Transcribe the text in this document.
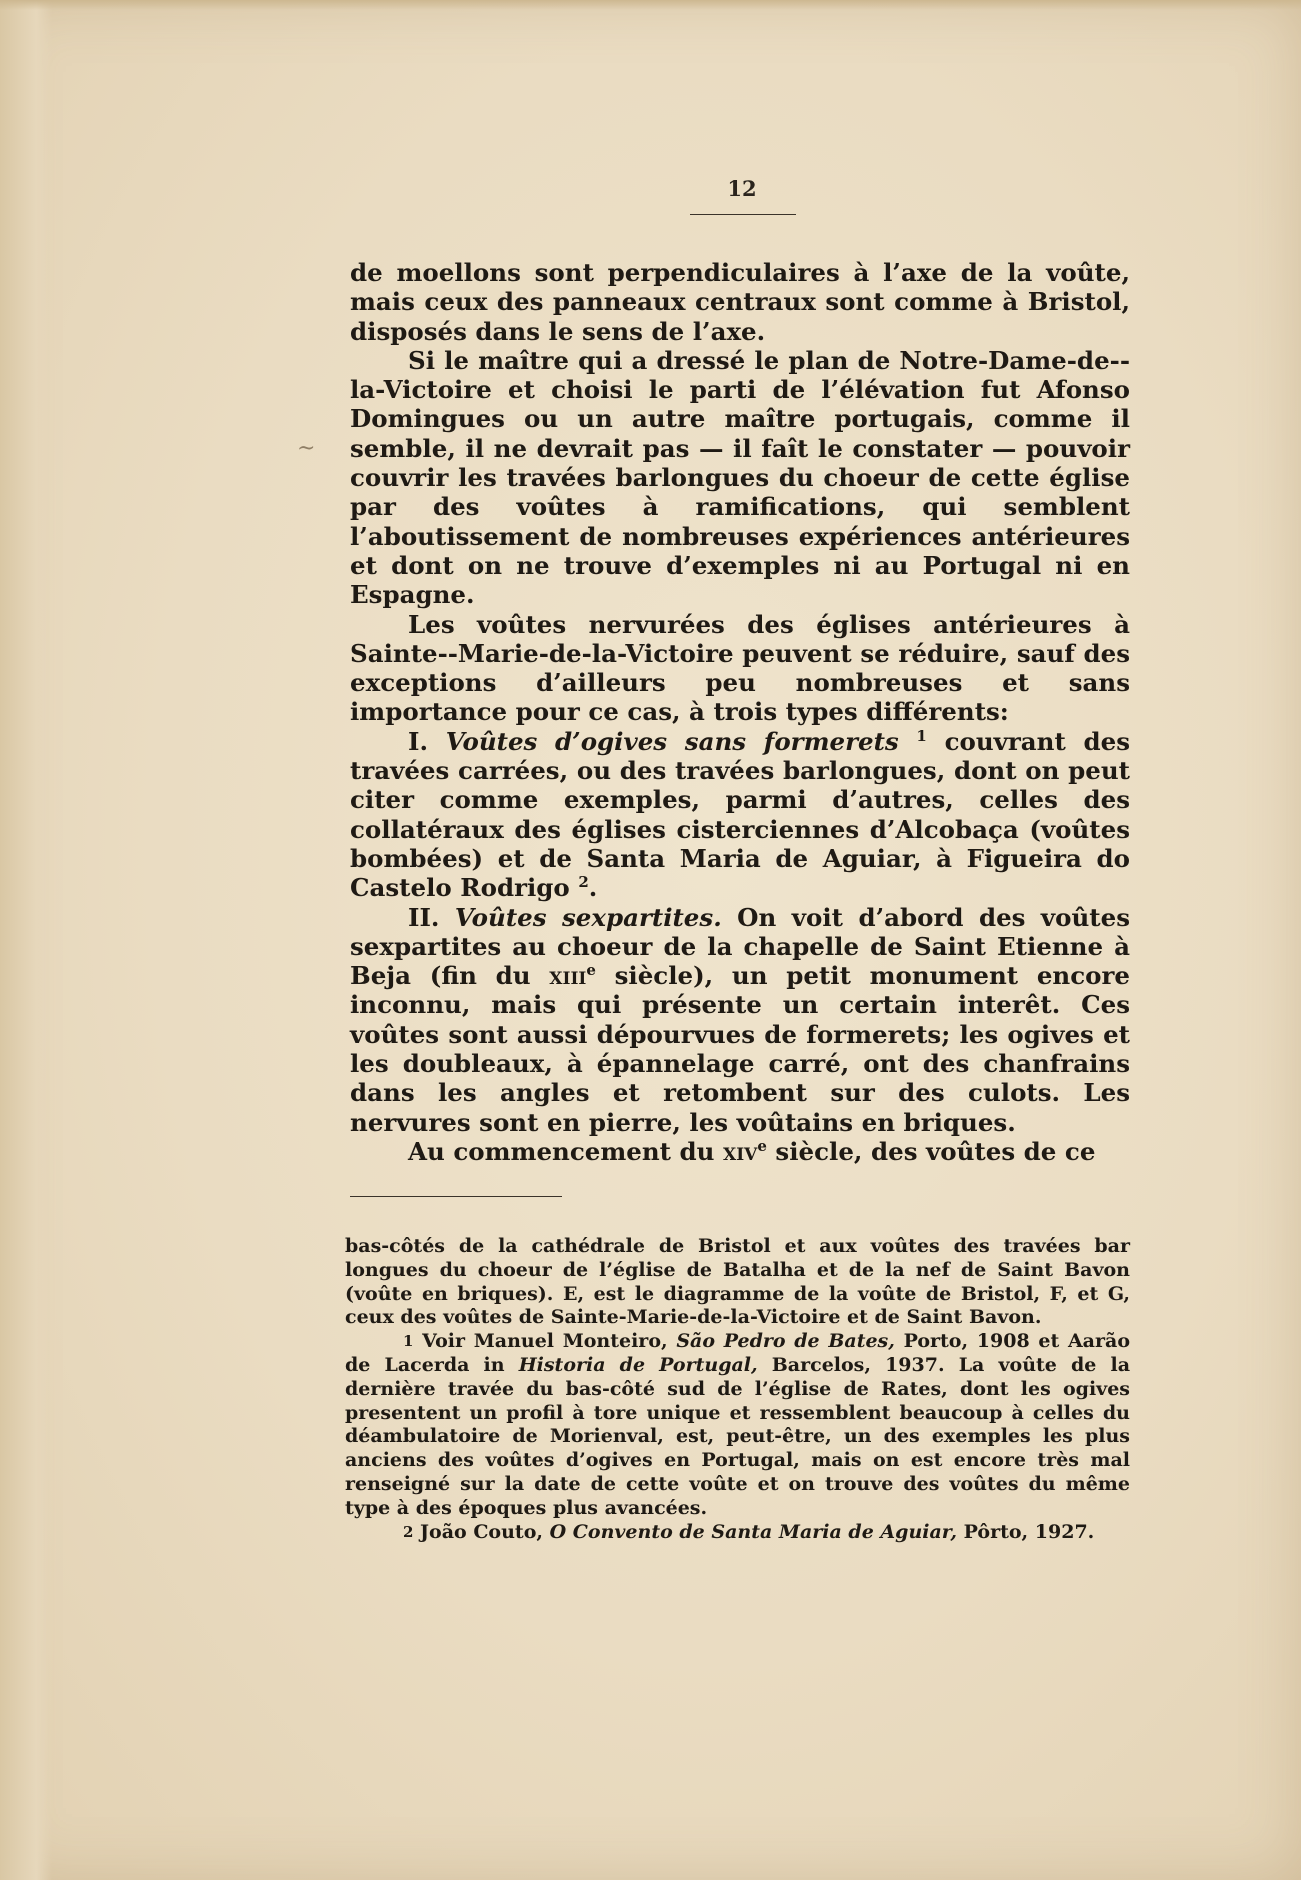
12
~

de moellons sont perpendiculaires à l’axe de la voûte, mais ceux des panneaux centraux sont comme à Bristol, disposés dans le sens de l’axe.

Si le maître qui a dressé le plan de Notre-Dame-de--la-Victoire et choisi le parti de l’élévation fut Afonso Domingues ou un autre maître portugais, comme il semble, il ne devrait pas — il faît le constater — pouvoir couvrir les travées barlongues du choeur de cette église par des voûtes à ramifications, qui semblent l’aboutissement de nombreuses expériences antérieures et dont on ne trouve d’exemples ni au Portugal ni en Espagne.

Les voûtes nervurées des églises antérieures à Sainte--Marie-de-la-Victoire peuvent se réduire, sauf des exceptions d’ailleurs peu nombreuses et sans importance pour ce cas, à trois types différents:

I. Voûtes d’ogives sans formerets $^1$ couvrant des travées carrées, ou des travées barlongues, dont on peut citer comme exemples, parmi d’autres, celles des collatéraux des églises cisterciennes d’Alcobaça (voûtes bombées) et de Santa Maria de Aguiar, à Figueira do Castelo Rodrigo $^2$.

II. Voûtes sexpartites. On voit d’abord des voûtes sexpartites au choeur de la chapelle de Saint Etienne à Beja (fin du xiii$^e$ siècle), un petit monument encore inconnu, mais qui présente un certain interêt. Ces voûtes sont aussi dépourvues de formerets; les ogives et les doubleaux, à épannelage carré, ont des chanfrains dans les angles et retombent sur des culots. Les nervures sont en pierre, les voûtains en briques.

Au commencement du xiv$^e$ siècle, des voûtes de ce

bas-côtés de la cathédrale de Bristol et aux voûtes des travées bar longues du choeur de l’église de Batalha et de la nef de Saint Bavon (voûte en briques). E, est le diagramme de la voûte de Bristol, F, et G, ceux des voûtes de Sainte-Marie-de-la-Victoire et de Saint Bavon.

$^1$ Voir Manuel Monteiro, São Pedro de Bates, Porto, 1908 et Aarão de Lacerda in Historia de Portugal, Barcelos, 1937. La voûte de la dernière travée du bas-côté sud de l’église de Rates, dont les ogives presentent un profil à tore unique et ressemblent beaucoup à celles du déambulatoire de Morienval, est, peut-être, un des exemples les plus anciens des voûtes d’ogives en Portugal, mais on est encore très mal renseigné sur la date de cette voûte et on trouve des voûtes du même type à des époques plus avancées.

$^2$ João Couto, O Convento de Santa Maria de Aguiar, Pôrto, 1927.
